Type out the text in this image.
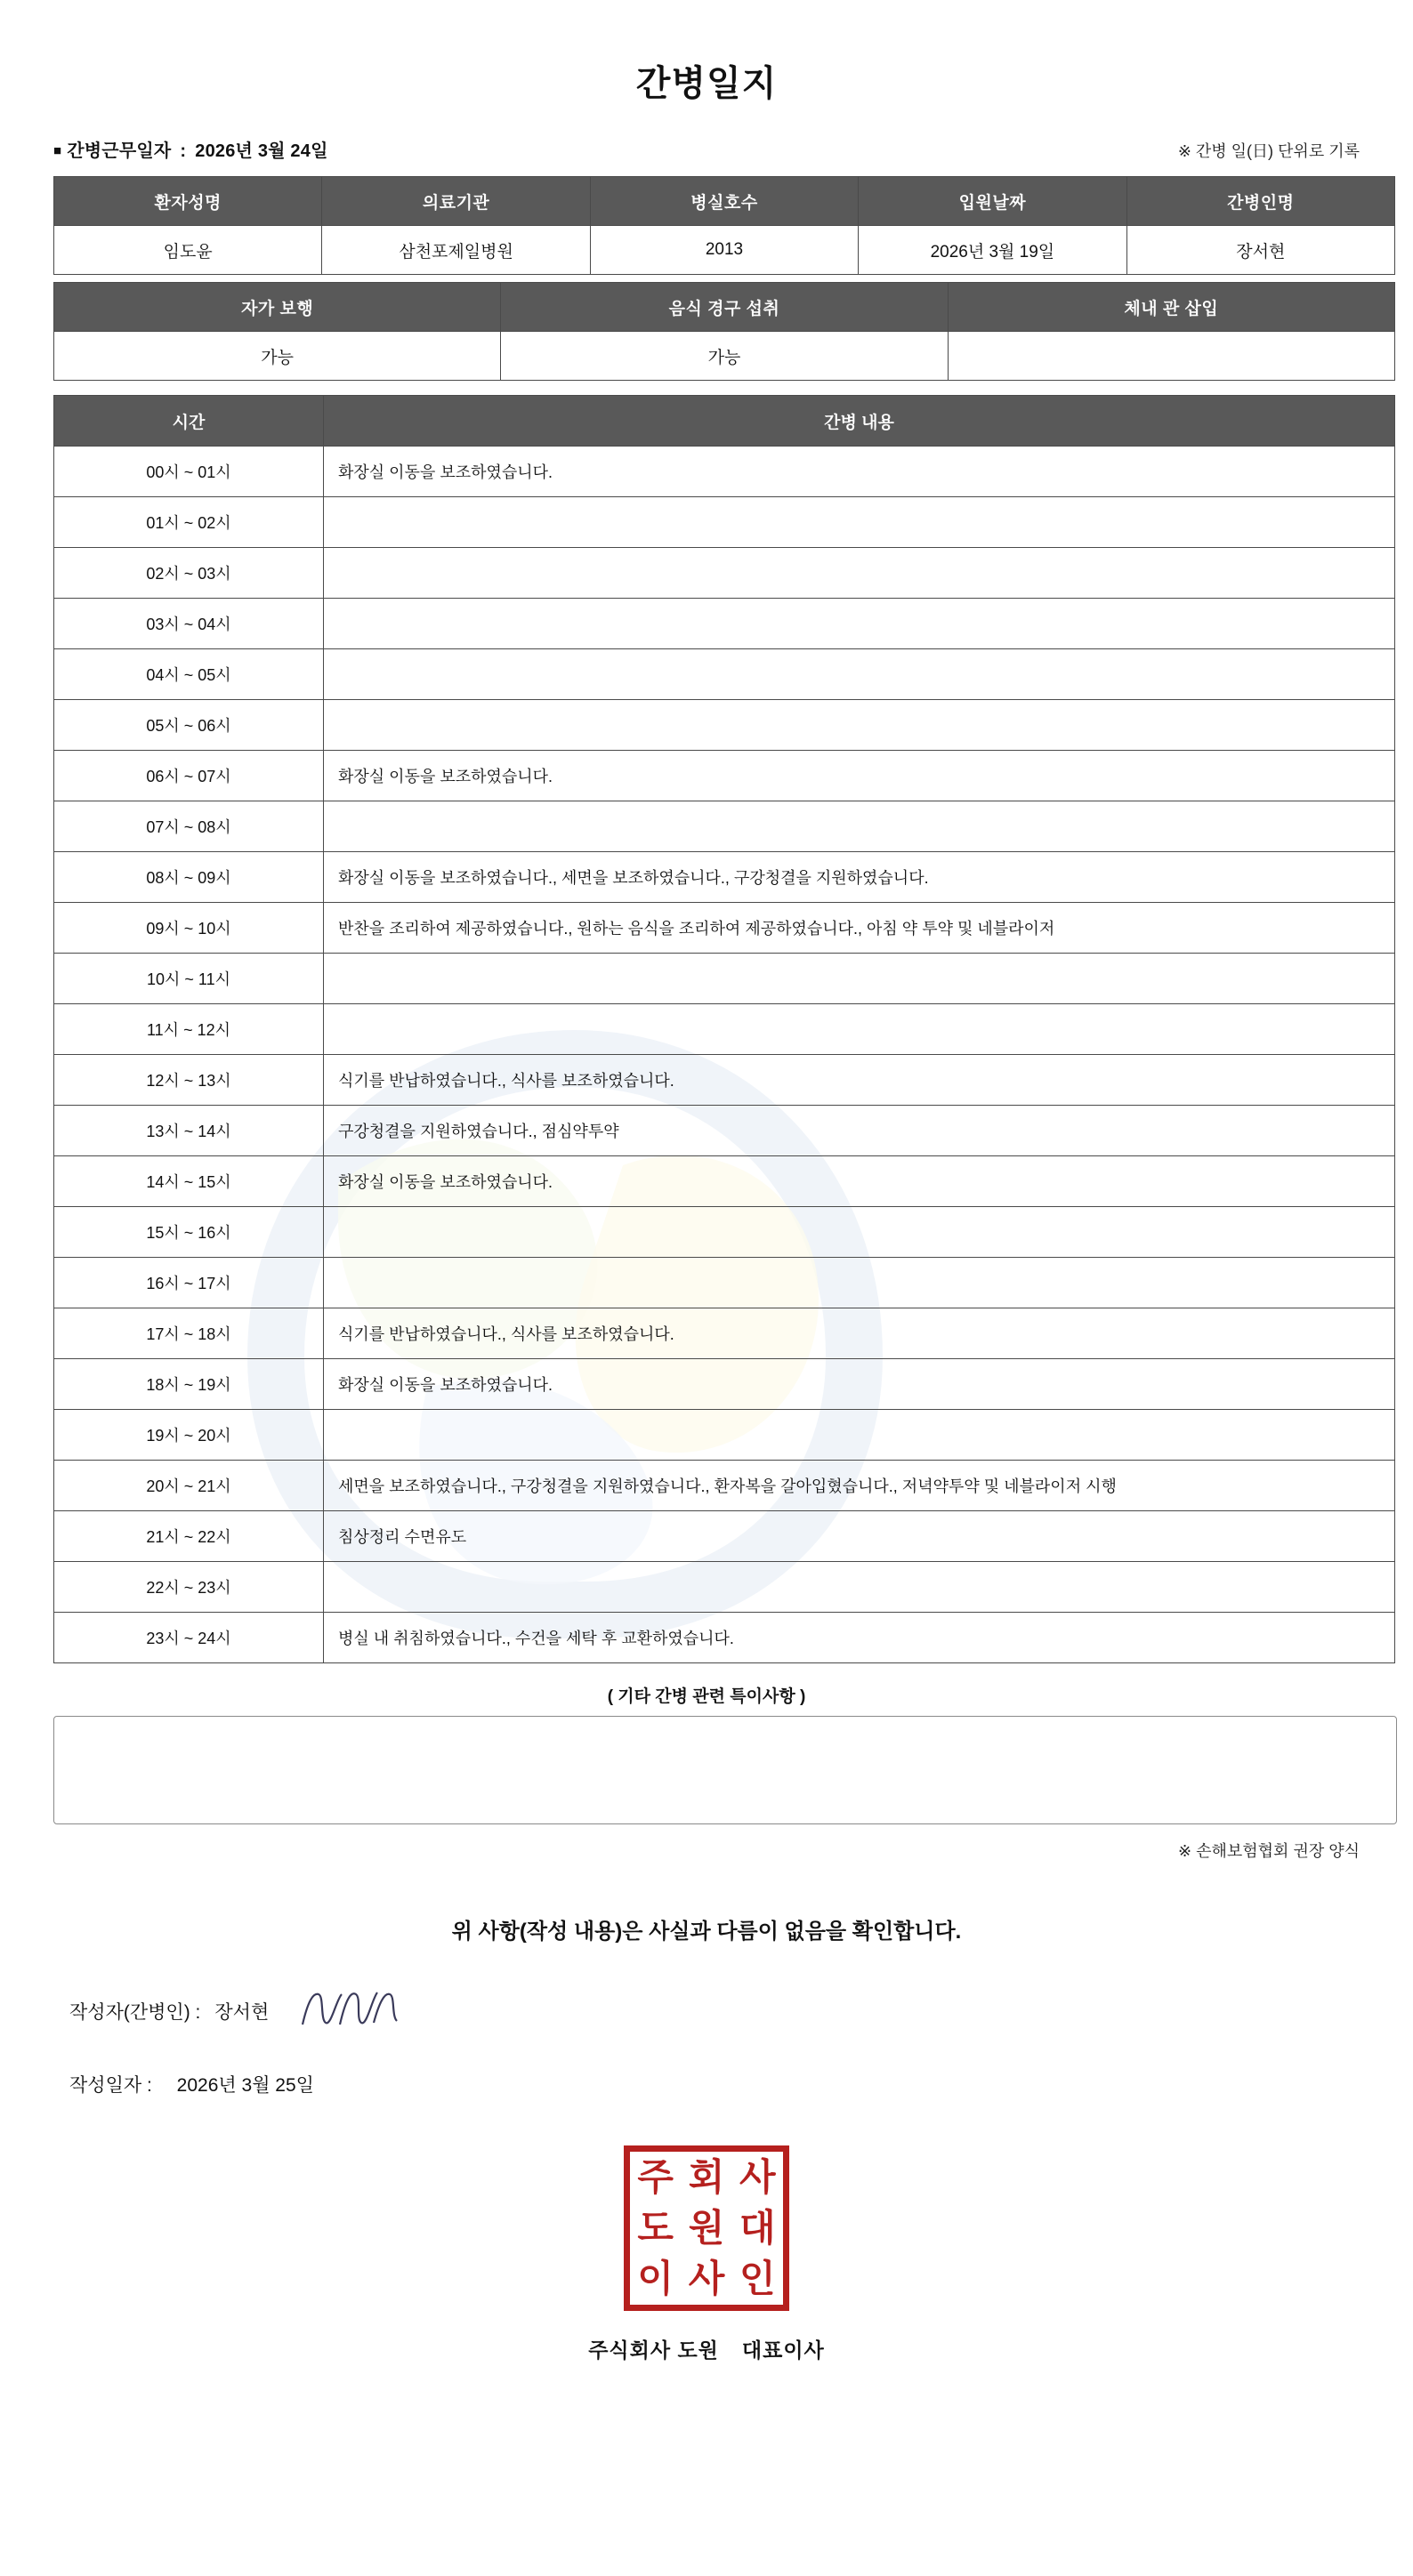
간병일지
■ 간병근무일자 : 2026년 3월 24일	※ 간병 일(日) 단위로 기록
환자성명	의료기관	병실호수	입원날짜	간병인명
임도윤	삼천포제일병원	2013	2026년 3월 19일	장서현
자가 보행	음식 경구 섭취	체내 관 삽입
가능	가능	
시간	간병 내용
00시 ~ 01시	화장실 이동을 보조하였습니다.
01시 ~ 02시	
02시 ~ 03시	
03시 ~ 04시	
04시 ~ 05시	
05시 ~ 06시	
06시 ~ 07시	화장실 이동을 보조하였습니다.
07시 ~ 08시	
08시 ~ 09시	화장실 이동을 보조하였습니다., 세면을 보조하였습니다., 구강청결을 지원하였습니다.
09시 ~ 10시	반찬을 조리하여 제공하였습니다., 원하는 음식을 조리하여 제공하였습니다., 아침 약 투약 및 네블라이저
10시 ~ 11시	
11시 ~ 12시	
12시 ~ 13시	식기를 반납하였습니다., 식사를 보조하였습니다.
13시 ~ 14시	구강청결을 지원하였습니다., 점심약투약
14시 ~ 15시	화장실 이동을 보조하였습니다.
15시 ~ 16시	
16시 ~ 17시	
17시 ~ 18시	식기를 반납하였습니다., 식사를 보조하였습니다.
18시 ~ 19시	화장실 이동을 보조하였습니다.
19시 ~ 20시	
20시 ~ 21시	세면을 보조하였습니다., 구강청결을 지원하였습니다., 환자복을 갈아입혔습니다., 저녁약투약 및 네블라이저 시행
21시 ~ 22시	침상정리 수면유도
22시 ~ 23시	
23시 ~ 24시	병실 내 취침하였습니다., 수건을 세탁 후 교환하였습니다.
( 기타 간병 관련 특이사항 )
※ 손해보험협회 권장 양식
위 사항(작성 내용)은 사실과 다름이 없음을 확인합니다.
작성자(간병인) : 장서현
작성일자 : 2026년 3월 25일
주 회 사
도 원 대
이 사 인
주식회사 도원 대표이사
